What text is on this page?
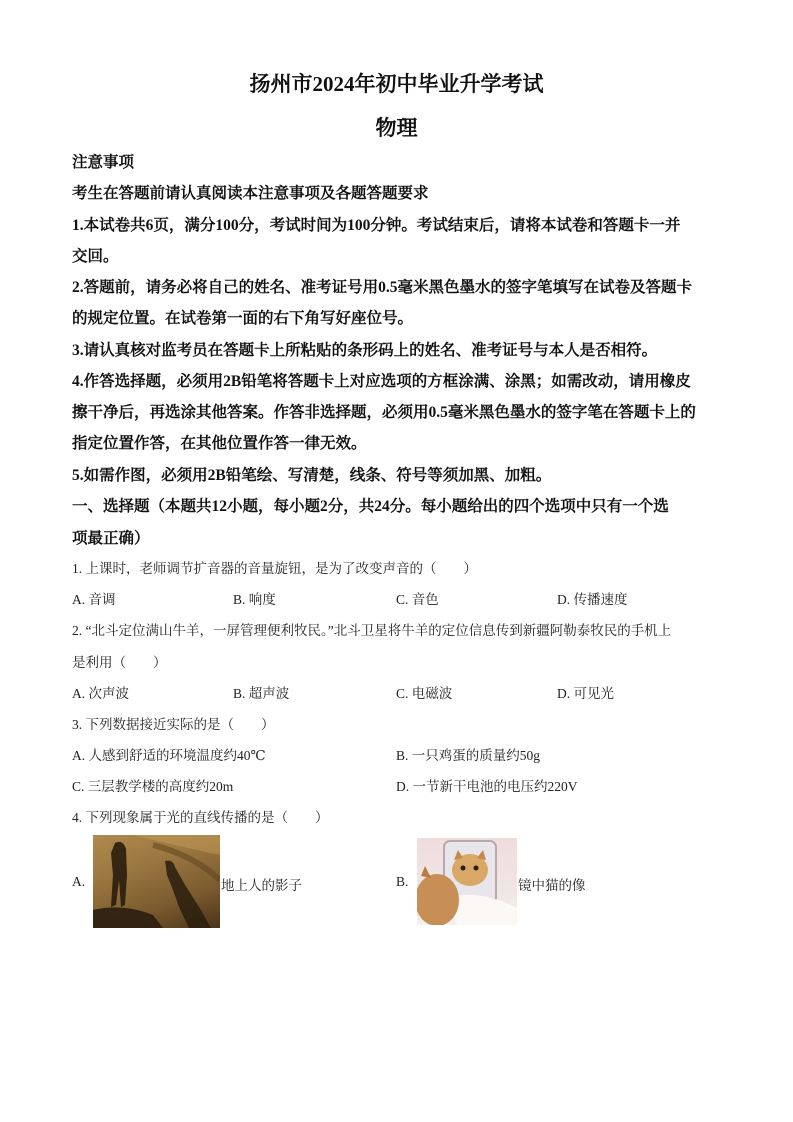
扬州市2024年初中毕业升学考试
物理
注意事项
考生在答题前请认真阅读本注意事项及各题答题要求
1.本试卷共6页，满分100分，考试时间为100分钟。考试结束后，请将本试卷和答题卡一并
交回。
2.答题前，请务必将自己的姓名、准考证号用0.5毫米黑色墨水的签字笔填写在试卷及答题卡
的规定位置。在试卷第一面的右下角写好座位号。
3.请认真核对监考员在答题卡上所粘贴的条形码上的姓名、准考证号与本人是否相符。
4.作答选择题，必须用2B铅笔将答题卡上对应选项的方框涂满、涂黑；如需改动，请用橡皮
擦干净后，再选涂其他答案。作答非选择题，必须用0.5毫米黑色墨水的签字笔在答题卡上的
指定位置作答，在其他位置作答一律无效。
5.如需作图，必须用2B铅笔绘、写清楚，线条、符号等须加黑、加粗。
一、选择题（本题共12小题，每小题2分，共24分。每小题给出的四个选项中只有一个选
项最正确）
1. 上课时，老师调节扩音器的音量旋钮，是为了改变声音的（　　）
A. 音调	B. 响度	C. 音色	D. 传播速度
2. “北斗定位满山牛羊，一屏管理便利牧民。”北斗卫星将牛羊的定位信息传到新疆阿勒泰牧民的手机上
是利用（　　）
A. 次声波	B. 超声波	C. 电磁波	D. 可见光
3. 下列数据接近实际的是（　　）
A. 人感到舒适的环境温度约40℃	B. 一只鸡蛋的质量约50g
C. 三层教学楼的高度约20m	D. 一节新干电池的电压约220V
4. 下列现象属于光的直线传播的是（　　）
A.	地上人的影子	B.	镜中猫的像
